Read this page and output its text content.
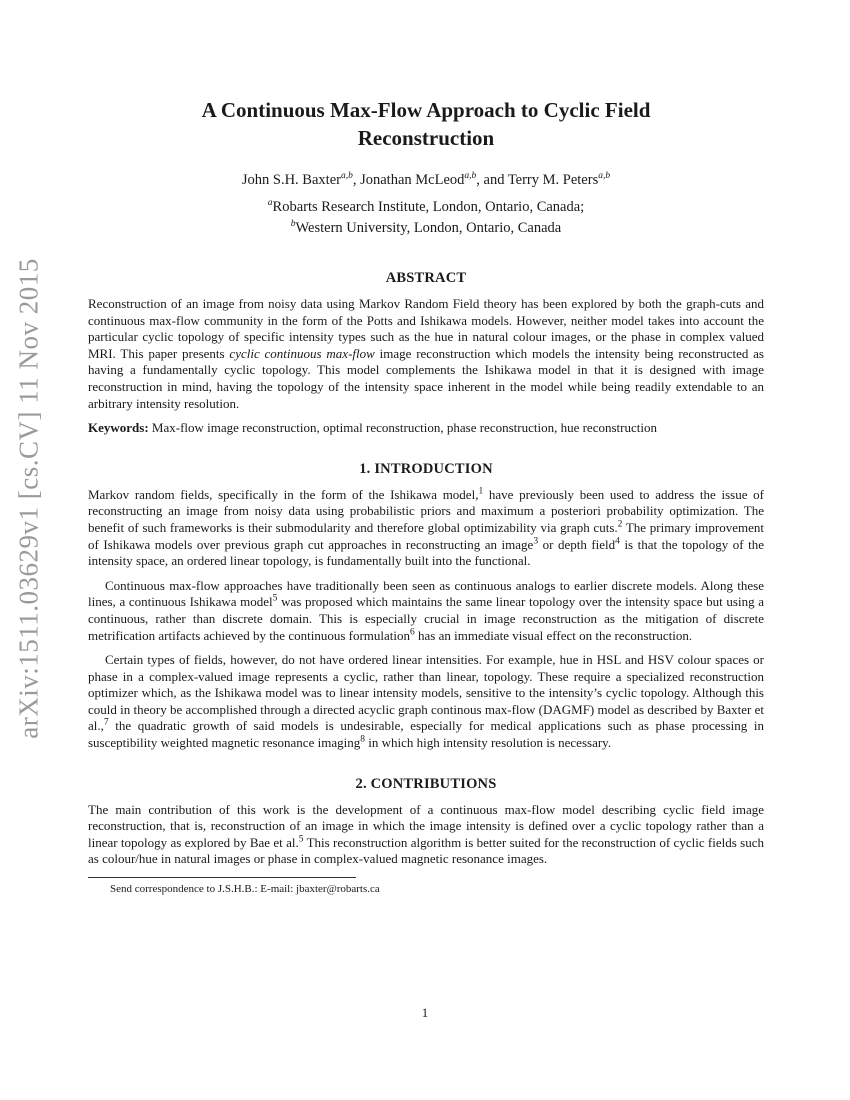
arXiv:1511.03629v1 [cs.CV] 11 Nov 2015
A Continuous Max-Flow Approach to Cyclic Field Reconstruction
John S.H. Baxter$^{a,b}$, Jonathan McLeod$^{a,b}$, and Terry M. Peters$^{a,b}$
$^a$Robarts Research Institute, London, Ontario, Canada;
$^b$Western University, London, Ontario, Canada
ABSTRACT

Reconstruction of an image from noisy data using Markov Random Field theory has been explored by both the graph-cuts and continuous max-flow community in the form of the Potts and Ishikawa models. However, neither model takes into account the particular cyclic topology of specific intensity types such as the hue in natural colour images, or the phase in complex valued MRI. This paper presents cyclic continuous max-flow image reconstruction which models the intensity being reconstructed as having a fundamentally cyclic topology. This model complements the Ishikawa model in that it is designed with image reconstruction in mind, having the topology of the intensity space inherent in the model while being readily extendable to an arbitrary intensity resolution.

Keywords: Max-flow image reconstruction, optimal reconstruction, phase reconstruction, hue reconstruction
1. INTRODUCTION

Markov random fields, specifically in the form of the Ishikawa model,$^1$ have previously been used to address the issue of reconstructing an image from noisy data using probabilistic priors and maximum a posteriori probability optimization. The benefit of such frameworks is their submodularity and therefore global optimizability via graph cuts.$^2$ The primary improvement of Ishikawa models over previous graph cut approaches in reconstructing an image$^3$ or depth field$^4$ is that the topology of the intensity space, an ordered linear topology, is fundamentally built into the functional.

Continuous max-flow approaches have traditionally been seen as continuous analogs to earlier discrete models. Along these lines, a continuous Ishikawa model$^5$ was proposed which maintains the same linear topology over the intensity space but using a continuous, rather than discrete domain. This is especially crucial in image reconstruction as the mitigation of discrete metrification artifacts achieved by the continuous formulation$^6$ has an immediate visual effect on the reconstruction.

Certain types of fields, however, do not have ordered linear intensities. For example, hue in HSL and HSV colour spaces or phase in a complex-valued image represents a cyclic, rather than linear, topology. These require a specialized reconstruction optimizer which, as the Ishikawa model was to linear intensity models, sensitive to the intensity’s cyclic topology. Although this could in theory be accomplished through a directed acyclic graph continous max-flow (DAGMF) model as described by Baxter et al.,$^7$ the quadratic growth of said models is undesirable, especially for medical applications such as phase processing in susceptibility weighted magnetic resonance imaging$^8$ in which high intensity resolution is necessary.

2. CONTRIBUTIONS

The main contribution of this work is the development of a continuous max-flow model describing cyclic field image reconstruction, that is, reconstruction of an image in which the image intensity is defined over a cyclic topology rather than a linear topology as explored by Bae et al.$^5$ This reconstruction algorithm is better suited for the reconstruction of cyclic fields such as colour/hue in natural images or phase in complex-valued magnetic resonance images.

Send correspondence to J.S.H.B.: E-mail: jbaxter@robarts.ca
1
